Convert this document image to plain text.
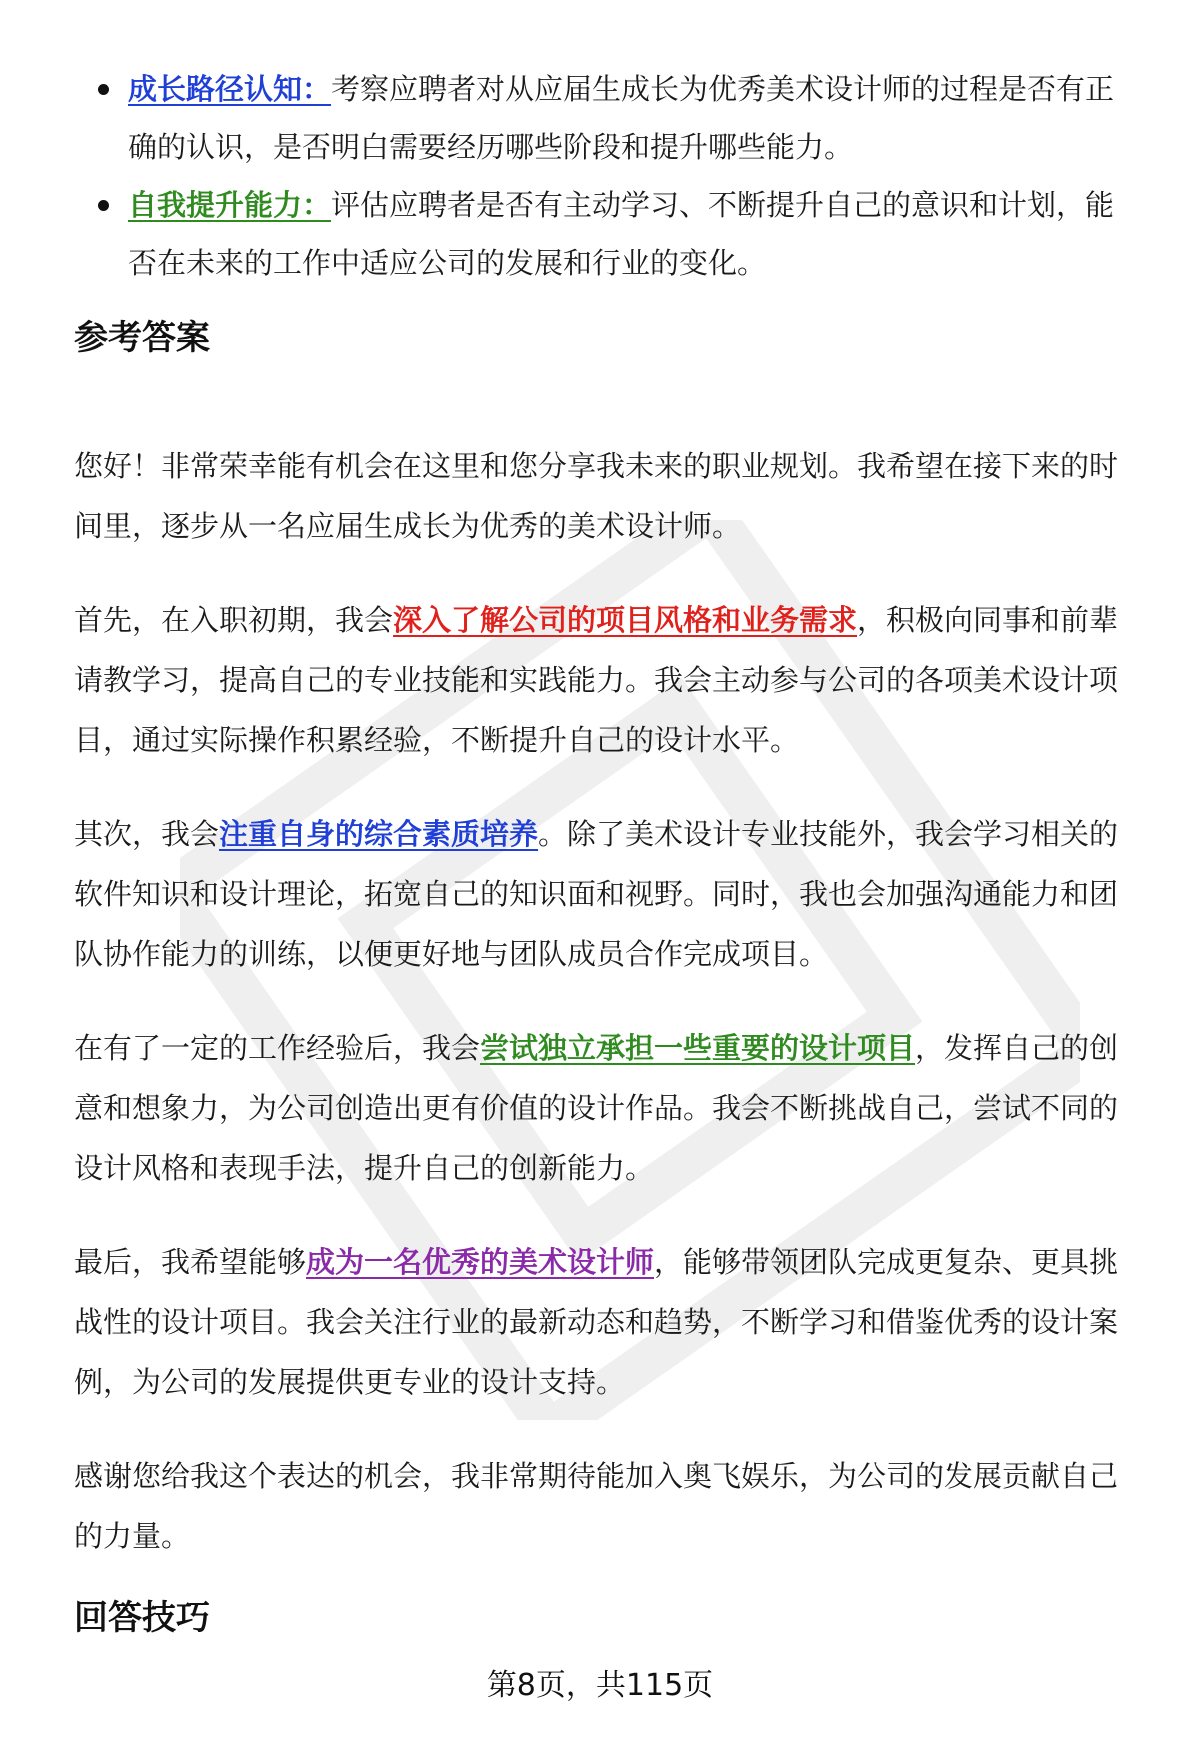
成长路径认知：考察应聘者对从应届生成长为优秀美术设计师的过程是否有正确的认识，是否明白需要经历哪些阶段和提升哪些能力。
自我提升能力：评估应聘者是否有主动学习、不断提升自己的意识和计划，能否在未来的工作中适应公司的发展和行业的变化。
参考答案

您好！非常荣幸能有机会在这里和您分享我未来的职业规划。我希望在接下来的时间里，逐步从一名应届生成长为优秀的美术设计师。

首先，在入职初期，我会深入了解公司的项目风格和业务需求，积极向同事和前辈请教学习，提高自己的专业技能和实践能力。我会主动参与公司的各项美术设计项目，通过实际操作积累经验，不断提升自己的设计水平。

其次，我会注重自身的综合素质培养。除了美术设计专业技能外，我会学习相关的软件知识和设计理论，拓宽自己的知识面和视野。同时，我也会加强沟通能力和团队协作能力的训练，以便更好地与团队成员合作完成项目。

在有了一定的工作经验后，我会尝试独立承担一些重要的设计项目，发挥自己的创意和想象力，为公司创造出更有价值的设计作品。我会不断挑战自己，尝试不同的设计风格和表现手法，提升自己的创新能力。

最后，我希望能够成为一名优秀的美术设计师，能够带领团队完成更复杂、更具挑战性的设计项目。我会关注行业的最新动态和趋势，不断学习和借鉴优秀的设计案例，为公司的发展提供更专业的设计支持。

感谢您给我这个表达的机会，我非常期待能加入奥飞娱乐，为公司的发展贡献自己的力量。

回答技巧
第8页，共115页
